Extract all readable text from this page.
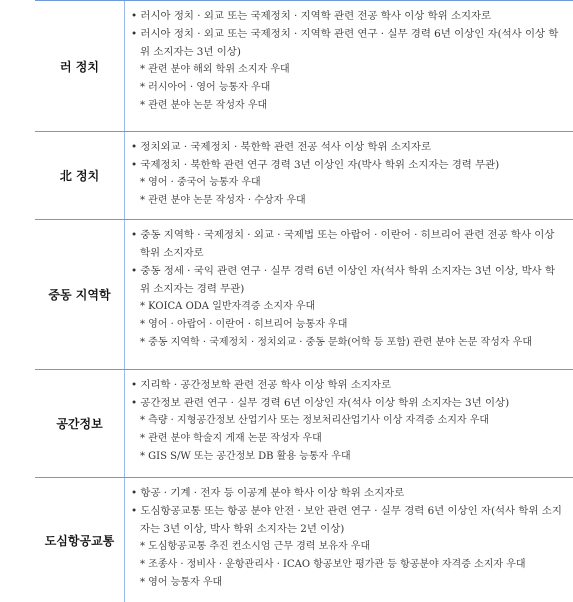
러 정치
• 러시아 정치 · 외교 또는 국제정치 · 지역학 관련 전공 학사 이상 학위 소지자로
• 러시아 정치 · 외교 또는 국제정치 · 지역학 관련 연구 · 실무 경력 6년 이상인 자(석사 이상 학위 소지자는 3년 이상)
* 관련 분야 해외 학위 소지자 우대
* 러시아어 · 영어 능통자 우대
* 관련 분야 논문 작성자 우대
北 정치
• 정치외교 · 국제정치 · 북한학 관련 전공 석사 이상 학위 소지자로
• 국제정치 · 북한학 관련 연구 경력 3년 이상인 자(박사 학위 소지자는 경력 무관)
* 영어 · 중국어 능통자 우대
* 관련 분야 논문 작성자 · 수상자 우대
중동 지역학
• 중동 지역학 · 국제정치 · 외교 · 국제법 또는 아랍어 · 이란어 · 히브리어 관련 전공 학사 이상 학위 소지자로
• 중동 정세 · 국익 관련 연구 · 실무 경력 6년 이상인 자(석사 학위 소지자는 3년 이상, 박사 학위 소지자는 경력 무관)
* KOICA ODA 일반자격증 소지자 우대
* 영어 · 아랍어 · 이란어 · 히브리어 능통자 우대
* 중동 지역학 · 국제정치 · 정치외교 · 중동 문화(어학 등 포함) 관련 분야 논문 작성자 우대
공간정보
• 지리학 · 공간정보학 관련 전공 학사 이상 학위 소지자로
• 공간정보 관련 연구 · 실무 경력 6년 이상인 자(석사 이상 학위 소지자는 3년 이상)
* 측량 · 지형공간정보 산업기사 또는 정보처리산업기사 이상 자격증 소지자 우대
* 관련 분야 학술지 게재 논문 작성자 우대
* GIS S/W 또는 공간정보 DB 활용 능통자 우대
도심항공교통
• 항공 · 기계 · 전자 등 이공계 분야 학사 이상 학위 소지자로
• 도심항공교통 또는 항공 분야 안전 · 보안 관련 연구 · 실무 경력 6년 이상인 자(석사 학위 소지자는 3년 이상, 박사 학위 소지자는 2년 이상)
* 도심항공교통 추진 컨소시엄 근무 경력 보유자 우대
* 조종사 · 정비사 · 운항관리사 · ICAO 항공보안 평가관 등 항공분야 자격증 소지자 우대
* 영어 능통자 우대
